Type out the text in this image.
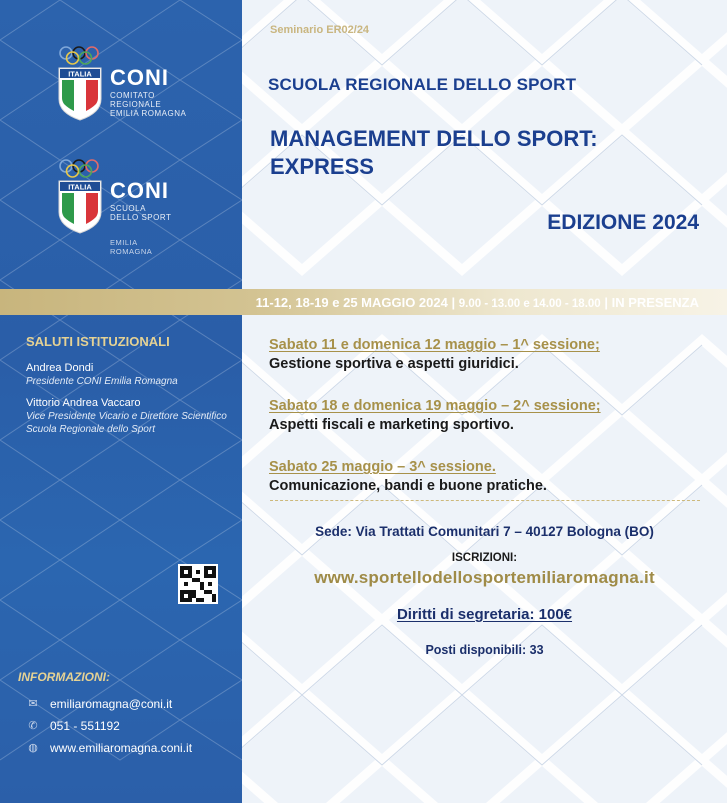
ITALIA CONI
COMITATO
REGIONALE
EMILIA ROMAGNA
ITALIA CONI
SCUOLA
DELLO SPORT
EMILIA ROMAGNA
SALUTI ISTITUZIONALI
Andrea Dondi
Presidente CONI Emilia Romagna
Vittorio Andrea Vaccaro
Vice Presidente Vicario e Direttore Scientifico Scuola Regionale dello Sport
INFORMAZIONI:
✉ emiliaromagna@coni.it
✆ 051 - 551192
◍ www.emiliaromagna.coni.it
Seminario ER02/24
SCUOLA REGIONALE DELLO SPORT
MANAGEMENT DELLO SPORT:
EXPRESS
EDIZIONE 2024
11-12, 18-19 e 25 MAGGIO 2024 | 9.00 - 13.00 e 14.00 - 18.00 | IN PRESENZA
Sabato 11 e domenica 12 maggio – 1^ sessione;
Gestione sportiva e aspetti giuridici.
Sabato 18 e domenica 19 maggio – 2^ sessione;
Aspetti fiscali e marketing sportivo.
Sabato 25 maggio – 3^ sessione.
Comunicazione, bandi e buone pratiche.
Sede: Via Trattati Comunitari 7 – 40127 Bologna (BO)
ISCRIZIONI:
www.sportellodellosportemiliaromagna.it
Diritti di segretaria: 100€
Posti disponibili: 33
